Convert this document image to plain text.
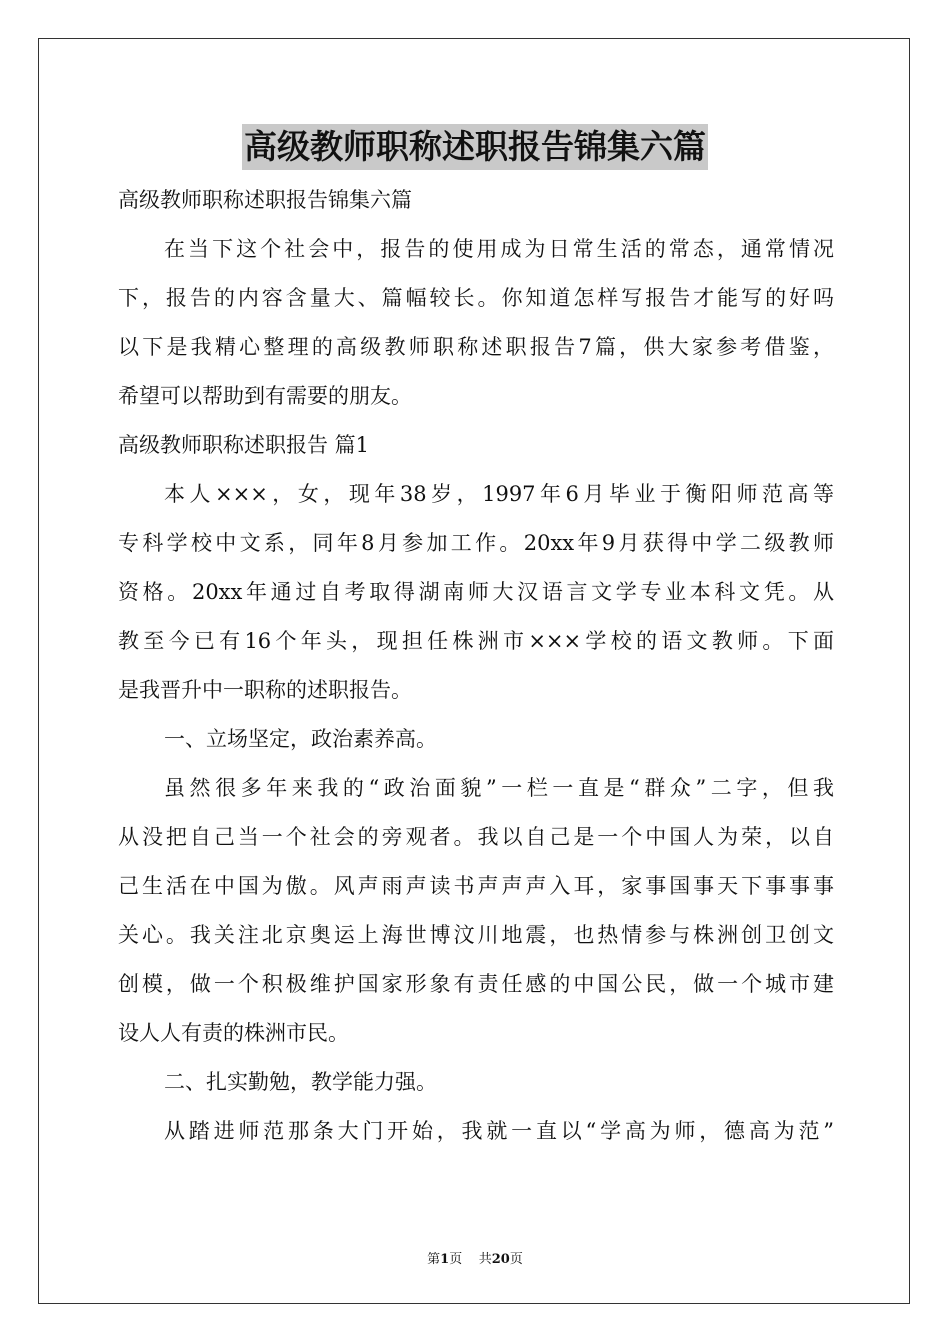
高级教师职称述职报告锦集六篇
高级教师职称述职报告锦集六篇
在当下这个社会中，报告的使用成为日常生活的常态，通常情况
下，报告的内容含量大、篇幅较长。你知道怎样写报告才能写的好吗
以下是我精心整理的高级教师职称述职报告7篇，供大家参考借鉴，
希望可以帮助到有需要的朋友。
高级教师职称述职报告 篇1
本人×××，女，现年38岁，1997年6月毕业于衡阳师范高等
专科学校中文系，同年8月参加工作。20xx年9月获得中学二级教师
资格。20xx年通过自考取得湖南师大汉语言文学专业本科文凭。从
教至今已有16个年头，现担任株洲市×××学校的语文教师。下面
是我晋升中一职称的述职报告。
一、立场坚定，政治素养高。
虽然很多年来我的“政治面貌”一栏一直是“群众”二字，但我
从没把自己当一个社会的旁观者。我以自己是一个中国人为荣，以自
己生活在中国为傲。风声雨声读书声声声入耳，家事国事天下事事事
关心。我关注北京奥运上海世博汶川地震，也热情参与株洲创卫创文
创模，做一个积极维护国家形象有责任感的中国公民，做一个城市建
设人人有责的株洲市民。
二、扎实勤勉，教学能力强。
从踏进师范那条大门开始，我就一直以“学高为师，德高为范”
第1页 共20页
